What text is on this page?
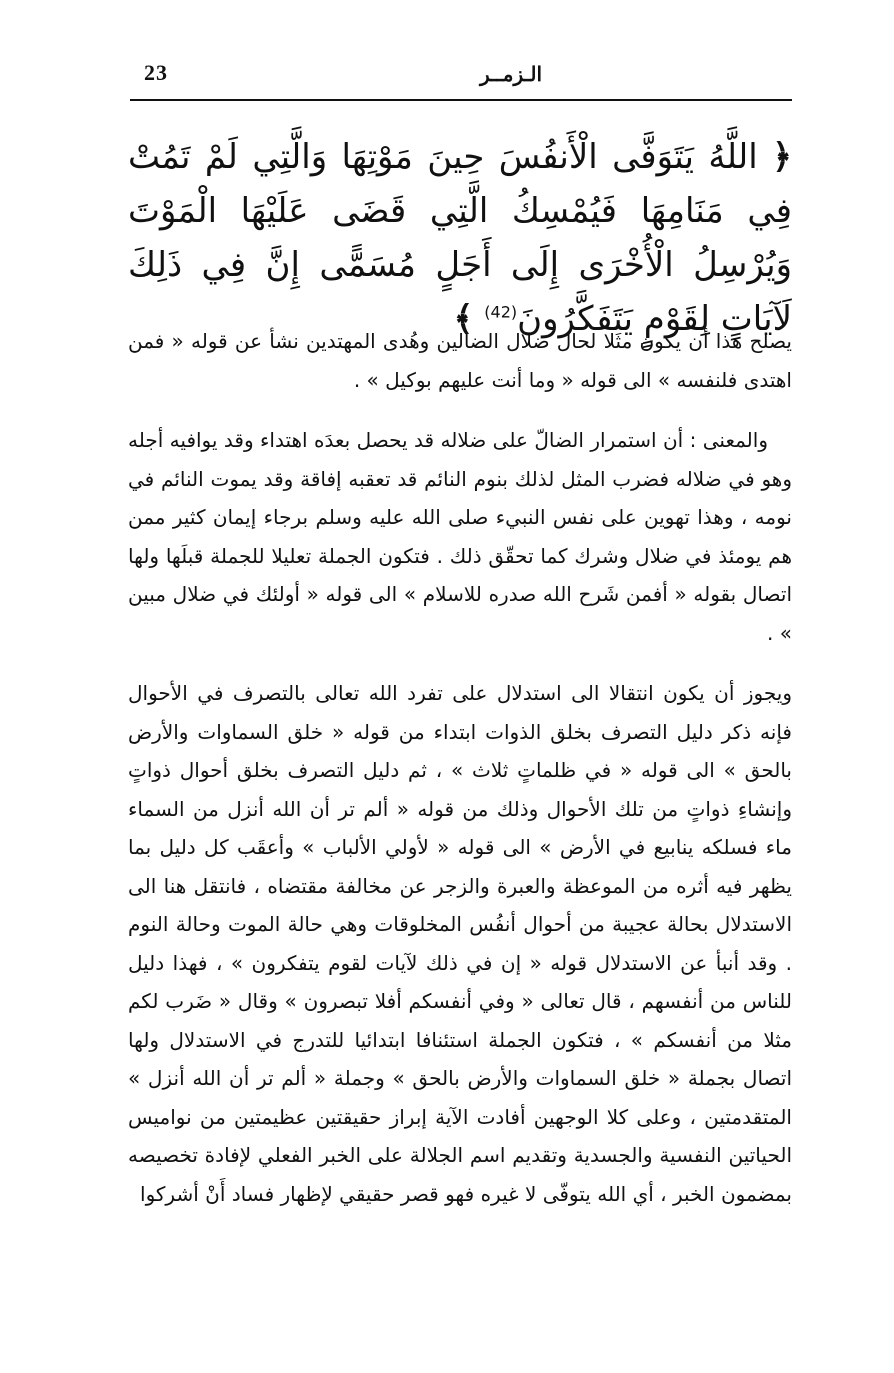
23	الـزمــر
﴿ اللَّهُ يَتَوَفَّى الْأَنفُسَ حِينَ مَوْتِهَا وَالَّتِي لَمْ تَمُتْ فِي مَنَامِهَا فَيُمْسِكُ الَّتِي قَضَى عَلَيْهَا الْمَوْتَ وَيُرْسِلُ الْأُخْرَى إِلَى أَجَلٍ مُسَمًّى إِنَّ فِي ذَلِكَ لَآيَاتٍ لِقَوْمٍ يَتَفَكَّرُونَ$^{(42)}$ ﴾

يصلح هذا أن يكون مثَلا لحال ضلال الضالين وهُدى المهتدين نشأ عن قوله « فمن اهتدى فلنفسه » الى قوله « وما أنت عليهم بوكيل » .

والمعنى : أن استمرار الضالّ على ضلاله قد يحصل بعدَه اهتداء وقد يوافيه أجله وهو في ضلاله فضرب المثل لذلك بنوم النائم قد تعقبه إفاقة وقد يموت النائم في نومه ، وهذا تهوين على نفس النبيء صلى الله عليه وسلم برجاء إيمان كثير ممن هم يومئذ في ضلال وشرك كما تحقّق ذلك . فتكون الجملة تعليلا للجملة قبلَها ولها اتصال بقوله « أفمن شَرح الله صدره للاسلام » الى قوله « أولئك في ضلال مبين » .

ويجوز أن يكون انتقالا الى استدلال على تفرد الله تعالى بالتصرف في الأحوال فإنه ذكر دليل التصرف بخلق الذوات ابتداء من قوله « خلق السماوات والأرض بالحق » الى قوله « في ظلماتٍ ثلاث » ، ثم دليل التصرف بخلق أحوال ذواتٍ وإنشاءِ ذواتٍ من تلك الأحوال وذلك من قوله « ألم تر أن الله أنزل من السماء ماء فسلكه ينابيع في الأرض » الى قوله « لأولي الألباب » وأعقَب كل دليل بما يظهر فيه أثره من الموعظة والعبرة والزجر عن مخالفة مقتضاه ، فانتقل هنا الى الاستدلال بحالة عجيبة من أحوال أنفُس المخلوقات وهي حالة الموت وحالة النوم . وقد أنبأ عن الاستدلال قوله « إن في ذلك لآيات لقوم يتفكرون » ، فهذا دليل للناس من أنفسهم ، قال تعالى « وفي أنفسكم أفلا تبصرون » وقال « ضَرب لكم مثلا من أنفسكم » ، فتكون الجملة استئنافا ابتدائيا للتدرج في الاستدلال ولها اتصال بجملة « خلق السماوات والأرض بالحق » وجملة « ألم تر أن الله أنزل » المتقدمتين ، وعلى كلا الوجهين أفادت الآية إبراز حقيقتين عظيمتين من نواميس الحياتين النفسية والجسدية وتقديم اسم الجلالة على الخبر الفعلي لإفادة تخصيصه بمضمون الخبر ، أي الله يتوفّى لا غيره فهو قصر حقيقي لإظهار فساد أَنْ أشركوا
